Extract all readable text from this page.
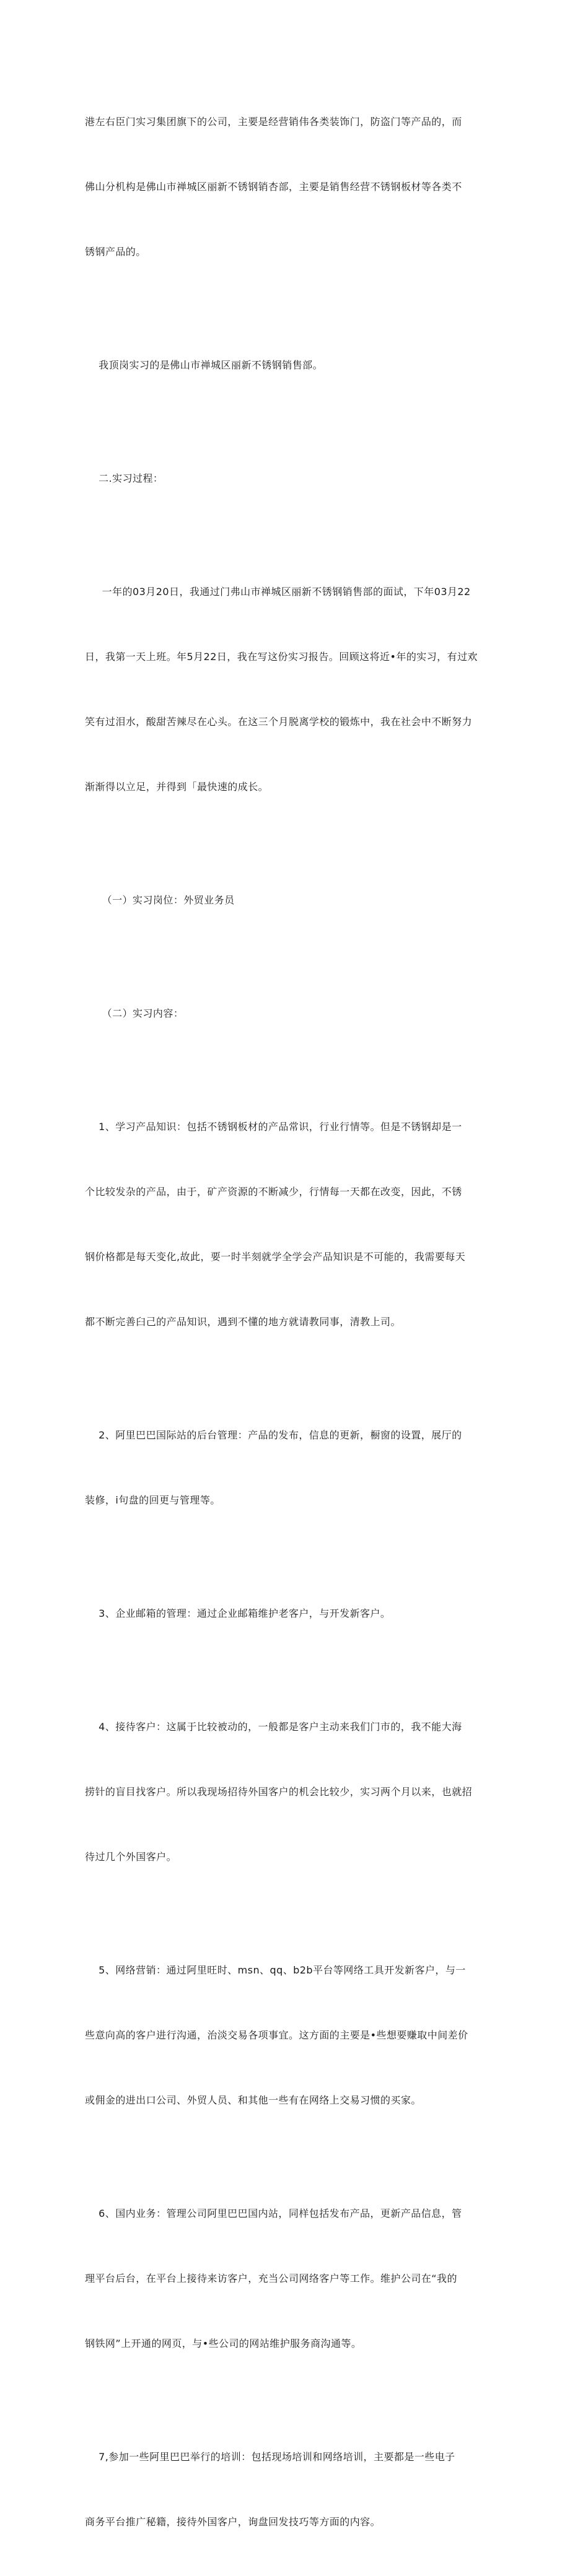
港左右臣门实习集团旗下的公司，主要是经营销伟各类装饰门，防盗门等产品的，而

佛山分机构是佛山市禅城区丽新不锈钢销杏部，主要是销售经营不锈钢板材等各类不

锈钢产品的。

我顶岗实习的是佛山市禅城区丽新不锈钢销售部。

二.实习过程：

一年的03月20日，我通过门弗山市禅城区丽新不锈钢销售部的面试，下年03月22

日，我第一天上班。年5月22日，我在写这份实习报告。回顾这将近•年的实习，有过欢

笑有过泪水，酸甜苦辣尽在心头。在这三个月脱离学校的锻炼中，我在社会中不断努力

渐渐得以立足，并得到「最快速的成长。

（一）实习岗位：外贸业务员

（二）实习内容：

1、学习产品知识：包括不锈钢板材的产品常识，行业行情等。但是不锈钢却是一

个比较发杂的产品，由于，矿产资源的不断减少，行情每一天都在改变，因此，不锈

钢价格都是每天变化,故此，要一时半刻就学全学会产品知识是不可能的，我需要每天

都不断完善臼己的产品知识，遇到不懂的地方就请教同事，清教上司。

2、阿里巴巴国际站的后台管理：产品的发布，信息的更新，橱窗的设置，展厅的

装修，i句盘的回更与管理等。

3、企业邮箱的管理：通过企业邮箱维护老客户，与开发新客户。

4、接待客户：这属于比较被动的，一般都是客户主动来我们门市的，我不能大海

捞针的盲目找客户。所以我现场招待外国客户的机会比较少，实习两个月以来，也就招

待过几个外国客户。

5、网络营销：通过阿里旺时、msn、qq、b2b平台等网络工具开发新客户，与一

些意向高的客户进行沟通，治淡交易各项事宜。这方面的主要是•些想要赚取中间差价

或佣金的进出口公司、外贸人员、和其他一些有在网络上交易习惯的买家。

6、国内业务：管理公司阿里巴巴国内站，同样包括发布产品，更新产品信息，管

理平台后台，在平台上接待来访客户，充当公司网络客户等工作。维护公司在“我的

钢铁网”上开通的网页，与•些公司的网站维护服务商沟通等。

7,参加一些阿里巴巴举行的培训：包括现场培训和网络培训，主要都是一些电子

商务平台推广秘籍，接待外国客户，询盘回发技巧等方面的内容。
